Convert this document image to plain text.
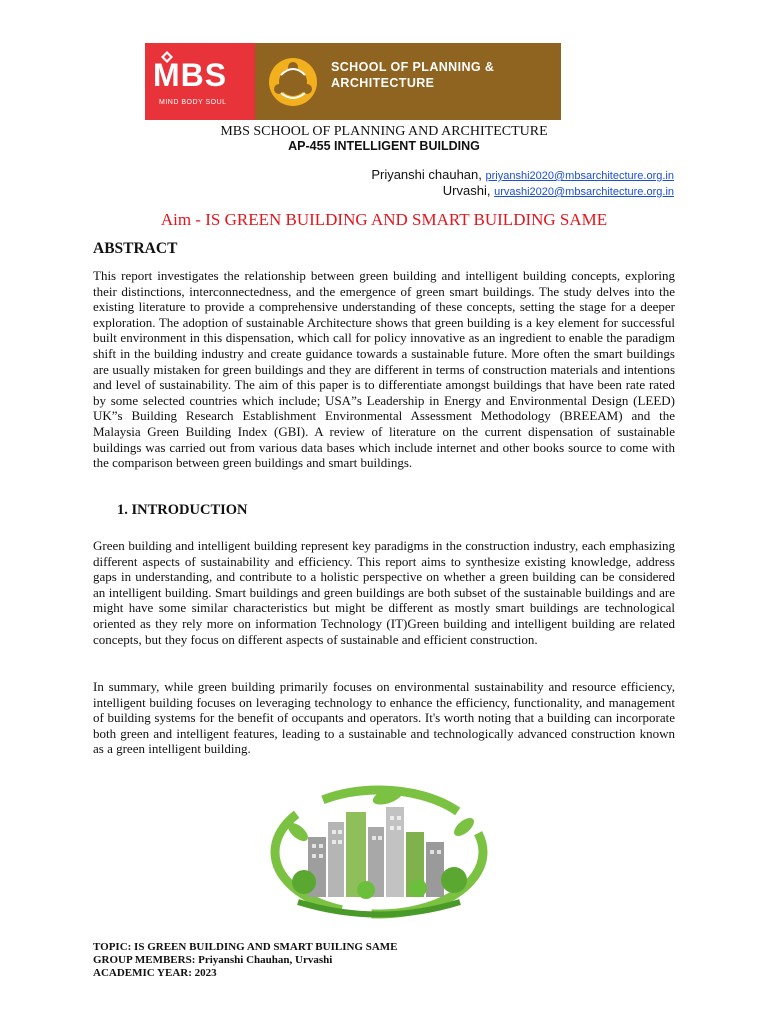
MBS
MIND BODY SOUL
SCHOOL OF PLANNING &
ARCHITECTURE
MBS SCHOOL OF PLANNING AND ARCHITECTURE
AP-455 INTELLIGENT BUILDING
Priyanshi chauhan, priyanshi2020@mbsarchitecture.org.in
Urvashi, urvashi2020@mbsarchitecture.org.in
Aim - IS GREEN BUILDING AND SMART BUILDING SAME
ABSTRACT
This report investigates the relationship between green building and intelligent building concepts, exploring their distinctions, interconnectedness, and the emergence of green smart buildings. The study delves into the existing literature to provide a comprehensive understanding of these concepts, setting the stage for a deeper exploration. The adoption of sustainable Architecture shows that green building is a key element for successful built environment in this dispensation, which call for policy innovative as an ingredient to enable the paradigm shift in the building industry and create guidance towards a sustainable future. More often the smart buildings are usually mistaken for green buildings and they are different in terms of construction materials and intentions and level of sustainability. The aim of this paper is to differentiate amongst buildings that have been rate rated by some selected countries which include; USA”s Leadership in Energy and Environmental Design (LEED) UK”s Building Research Establishment Environmental Assessment Methodology (BREEAM) and the Malaysia Green Building Index (GBI). A review of literature on the current dispensation of sustainable buildings was carried out from various data bases which include internet and other books source to come with the comparison between green buildings and smart buildings.
1. INTRODUCTION
Green building and intelligent building represent key paradigms in the construction industry, each emphasizing different aspects of sustainability and efficiency. This report aims to synthesize existing knowledge, address gaps in understanding, and contribute to a holistic perspective on whether a green building can be considered an intelligent building. Smart buildings and green buildings are both subset of the sustainable buildings and are might have some similar characteristics but might be different as mostly smart buildings are technological oriented as they rely more on information Technology (IT)Green building and intelligent building are related concepts, but they focus on different aspects of sustainable and efficient construction.
In summary, while green building primarily focuses on environmental sustainability and resource efficiency, intelligent building focuses on leveraging technology to enhance the efficiency, functionality, and management of building systems for the benefit of occupants and operators. It's worth noting that a building can incorporate both green and intelligent features, leading to a sustainable and technologically advanced construction known as a green intelligent building.
TOPIC: IS GREEN BUILDING AND SMART BUILING SAME
GROUP MEMBERS: Priyanshi Chauhan, Urvashi
ACADEMIC YEAR: 2023
